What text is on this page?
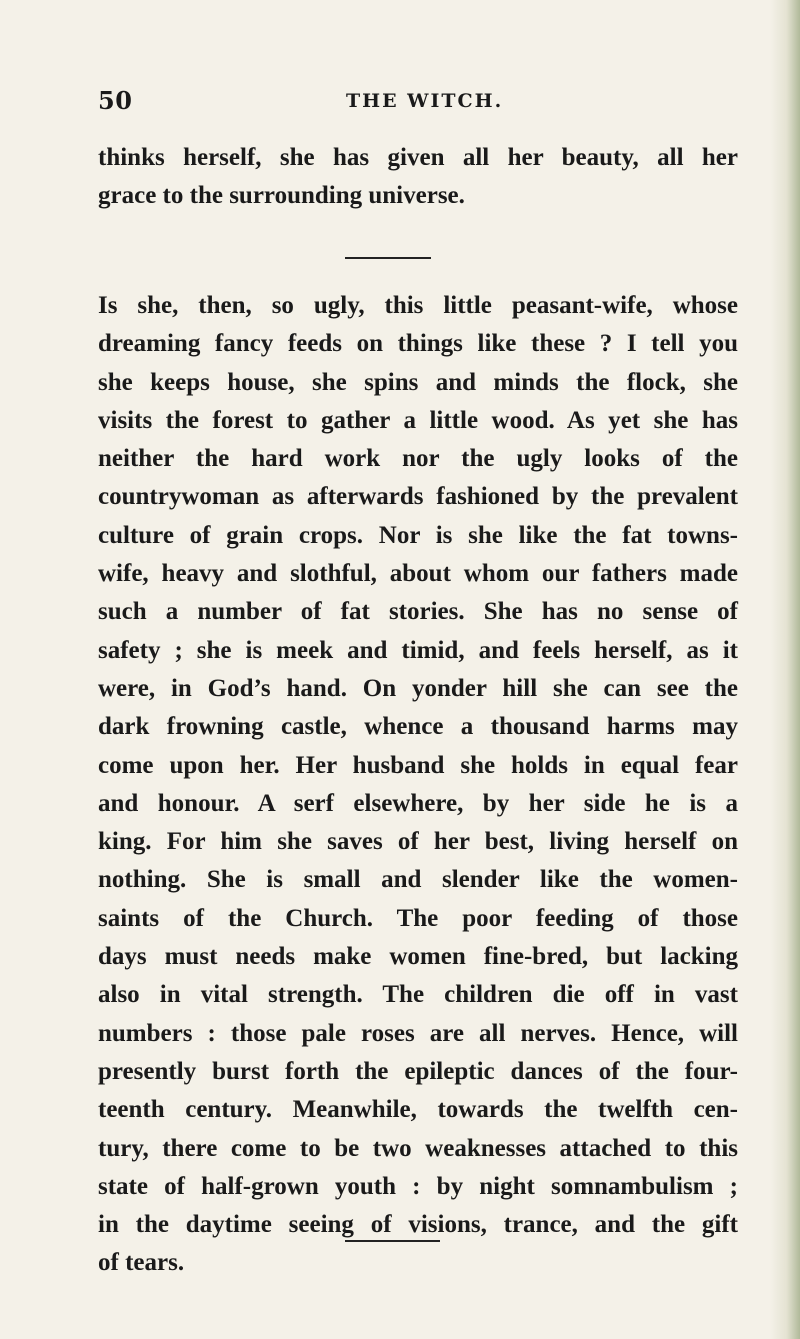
50	THE WITCH.
thinks herself, she has given all her beauty, all her
grace to the surrounding universe.
Is she, then, so ugly, this little peasant-wife, whose
dreaming fancy feeds on things like these ? I tell you
she keeps house, she spins and minds the flock, she
visits the forest to gather a little wood. As yet she has
neither the hard work nor the ugly looks of the
countrywoman as afterwards fashioned by the prevalent
culture of grain crops. Nor is she like the fat towns-
wife, heavy and slothful, about whom our fathers made
such a number of fat stories. She has no sense of
safety ; she is meek and timid, and feels herself, as it
were, in God’s hand. On yonder hill she can see the
dark frowning castle, whence a thousand harms may
come upon her. Her husband she holds in equal fear
and honour. A serf elsewhere, by her side he is a
king. For him she saves of her best, living herself on
nothing. She is small and slender like the women-
saints of the Church. The poor feeding of those
days must needs make women fine-bred, but lacking
also in vital strength. The children die off in vast
numbers : those pale roses are all nerves. Hence, will
presently burst forth the epileptic dances of the four-
teenth century. Meanwhile, towards the twelfth cen-
tury, there come to be two weaknesses attached to this
state of half-grown youth : by night somnambulism ;
in the daytime seeing of visions, trance, and the gift
of tears.
